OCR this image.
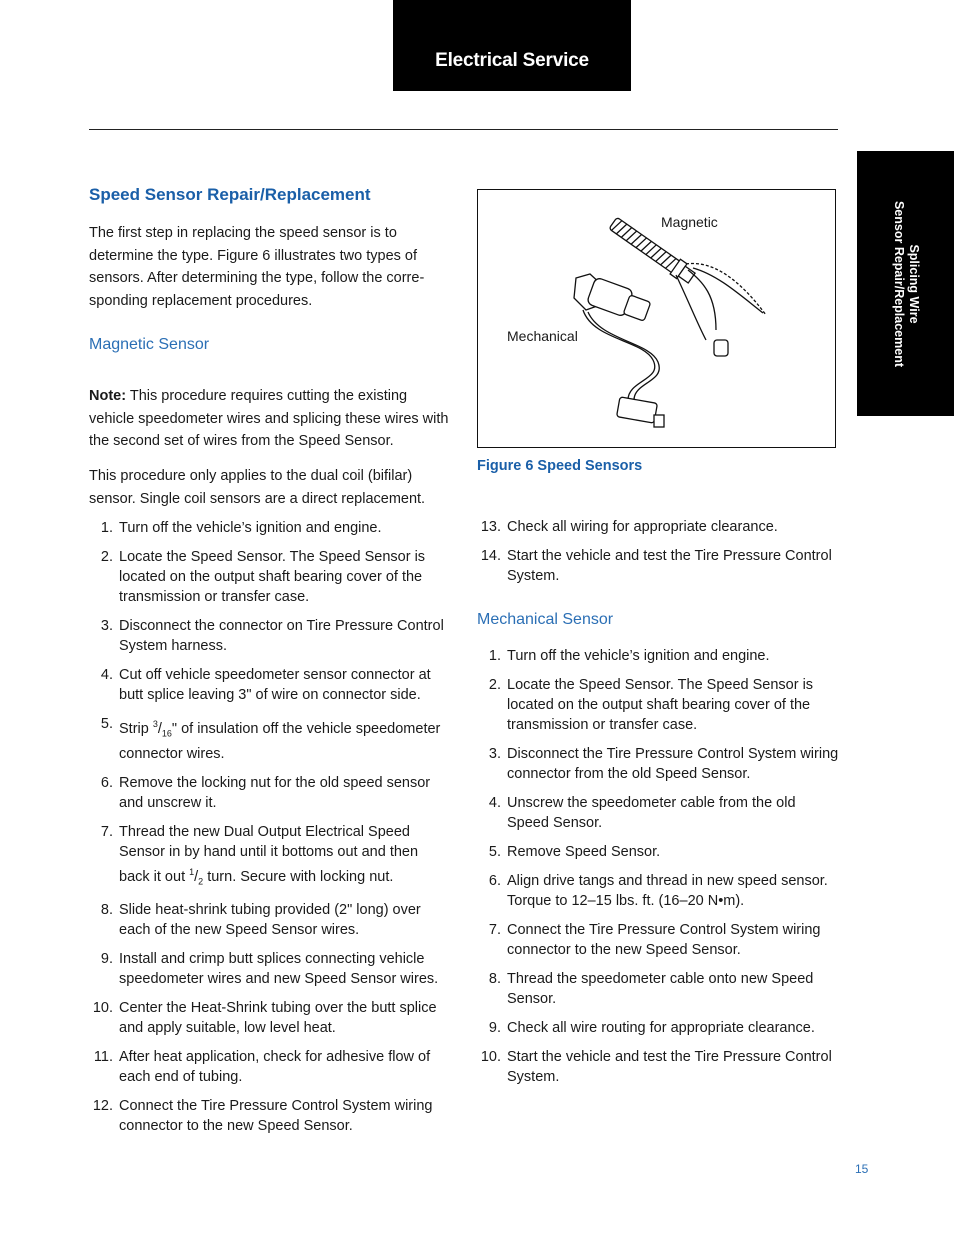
Electrical Service
Splicing Wire
Sensor Repair/Replacement
Speed Sensor Repair/Replacement

The first step in replacing the speed sensor is to determine the type. Figure 6 illustrates two types of sensors. After determining the type, follow the corre-sponding replacement procedures.

Magnetic Sensor

Note: This procedure requires cutting the existing vehicle speedometer wires and splicing these wires with the second set of wires from the Speed Sensor.

This procedure only applies to the dual coil (bifilar) sensor. Single coil sensors are a direct replacement.

1. Turn off the vehicle’s ignition and engine.
2. Locate the Speed Sensor. The Speed Sensor is located on the output shaft bearing cover of the transmission or transfer case.
3. Disconnect the connector on Tire Pressure Control System harness.
4. Cut off vehicle speedometer sensor connector at butt splice leaving 3" of wire on connector side.
5. Strip $^3/_{16}$" of insulation off the vehicle speedometer connector wires.
6. Remove the locking nut for the old speed sensor and unscrew it.
7. Thread the new Dual Output Electrical Speed Sensor in by hand until it bottoms out and then back it out $^1/_2$ turn. Secure with locking nut.
8. Slide heat-shrink tubing provided (2" long) over each of the new Speed Sensor wires.
9. Install and crimp butt splices connecting vehicle speedometer wires and new Speed Sensor wires.
10. Center the Heat-Shrink tubing over the butt splice and apply suitable, low level heat.
11. After heat application, check for adhesive flow of each end of tubing.
12. Connect the Tire Pressure Control System wiring connector to the new Speed Sensor.
Magnetic
Mechanical
Figure 6 Speed Sensors
13. Check all wiring for appropriate clearance.
14. Start the vehicle and test the Tire Pressure Control System.
Mechanical Sensor
1. Turn off the vehicle’s ignition and engine.
2. Locate the Speed Sensor. The Speed Sensor is located on the output shaft bearing cover of the transmission or transfer case.
3. Disconnect the Tire Pressure Control System wiring connector from the old Speed Sensor.
4. Unscrew the speedometer cable from the old Speed Sensor.
5. Remove Speed Sensor.
6. Align drive tangs and thread in new speed sensor. Torque to 12–15 lbs. ft. (16–20 N•m).
7. Connect the Tire Pressure Control System wiring connector to the new Speed Sensor.
8. Thread the speedometer cable onto new Speed Sensor.
9. Check all wire routing for appropriate clearance.
10. Start the vehicle and test the Tire Pressure Control System.
15
